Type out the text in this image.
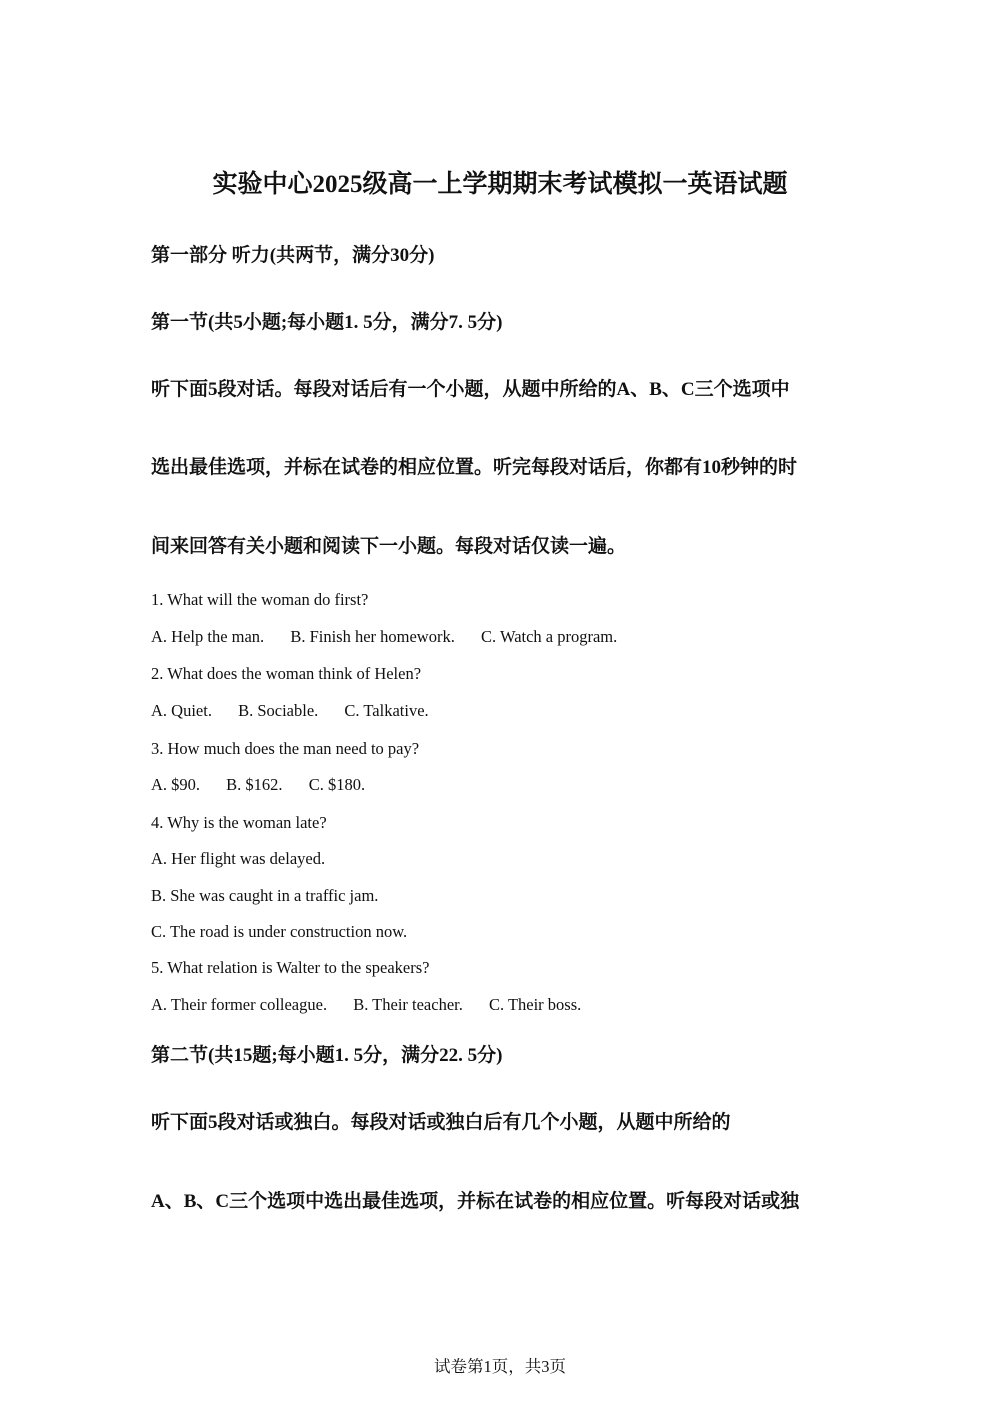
实验中心2025级高一上学期期末考试模拟一英语试题
第一部分 听力(共两节，满分30分)
第一节(共5小题;每小题1. 5分，满分7. 5分)
听下面5段对话。每段对话后有一个小题，从题中所给的A、B、C三个选项中
选出最佳选项，并标在试卷的相应位置。听完每段对话后，你都有10秒钟的时
间来回答有关小题和阅读下一小题。每段对话仅读一遍。
1. What will the woman do first?
A. Help the man. B. Finish her homework. C. Watch a program.
2. What does the woman think of Helen?
A. Quiet. B. Sociable. C. Talkative.
3. How much does the man need to pay?
A. $90. B. $162. C. $180.
4. Why is the woman late?
A. Her flight was delayed.
B. She was caught in a traffic jam.
C. The road is under construction now.
5. What relation is Walter to the speakers?
A. Their former colleague. B. Their teacher. C. Their boss.
第二节(共15题;每小题1. 5分，满分22. 5分)
听下面5段对话或独白。每段对话或独白后有几个小题，从题中所给的
A、B、C三个选项中选出最佳选项，并标在试卷的相应位置。听每段对话或独
试卷第1页，共3页
